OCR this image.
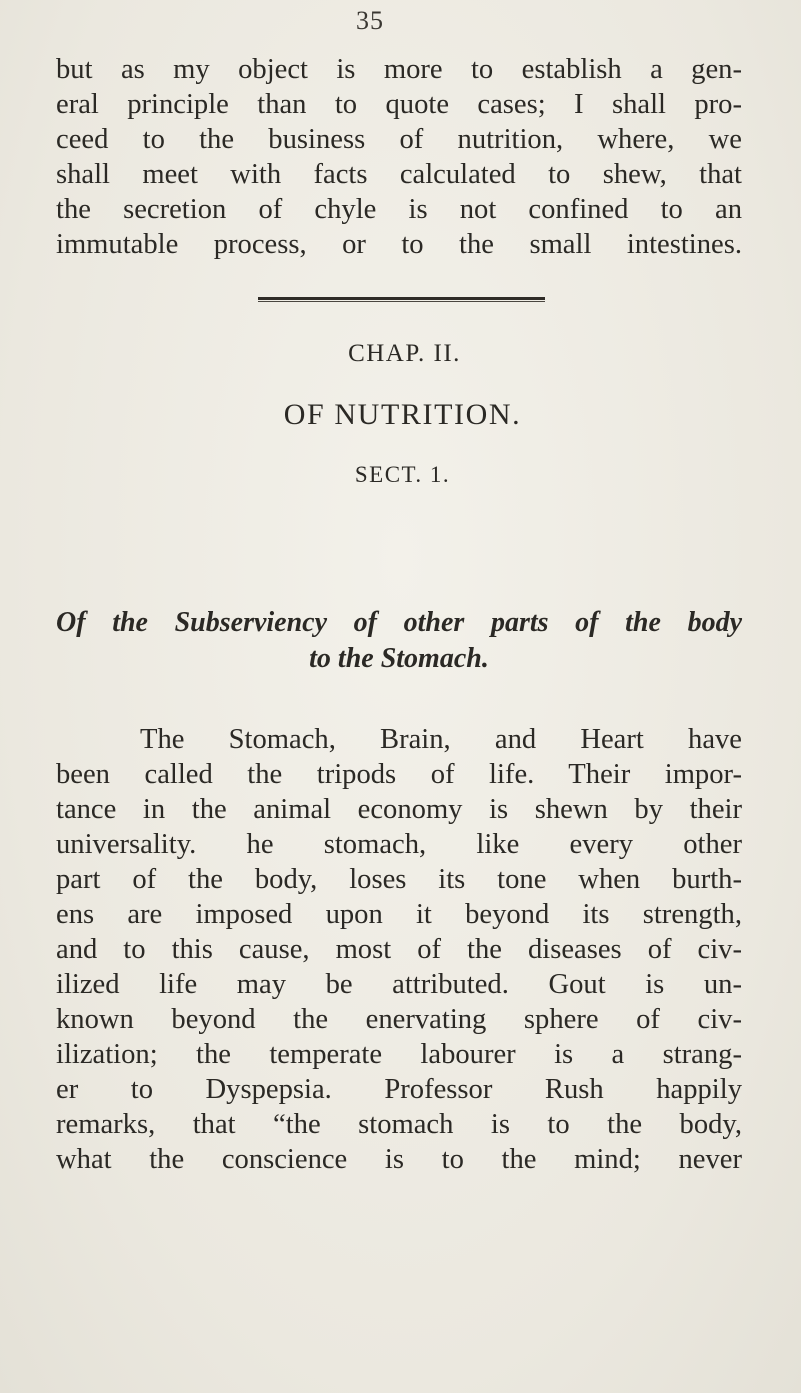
35
but as my object is more to establish a gen-
eral principle than to quote cases; I shall pro-
ceed to the business of nutrition, where, we
shall meet with facts calculated to shew, that
the secretion of chyle is not confined to an
immutable process, or to the small intestines.
CHAP. II.
OF NUTRITION.
SECT. 1.
Of the Subserviency of other parts of the body
to the Stomach.
The Stomach, Brain, and Heart have
been called the tripods of life. Their impor-
tance in the animal economy is shewn by their
universality. he stomach, like every other
part of the body, loses its tone when burth-
ens are imposed upon it beyond its strength,
and to this cause, most of the diseases of civ-
ilized life may be attributed. Gout is un-
known beyond the enervating sphere of civ-
ilization; the temperate labourer is a strang-
er to Dyspepsia. Professor Rush happily
remarks, that “the stomach is to the body,
what the conscience is to the mind; never
